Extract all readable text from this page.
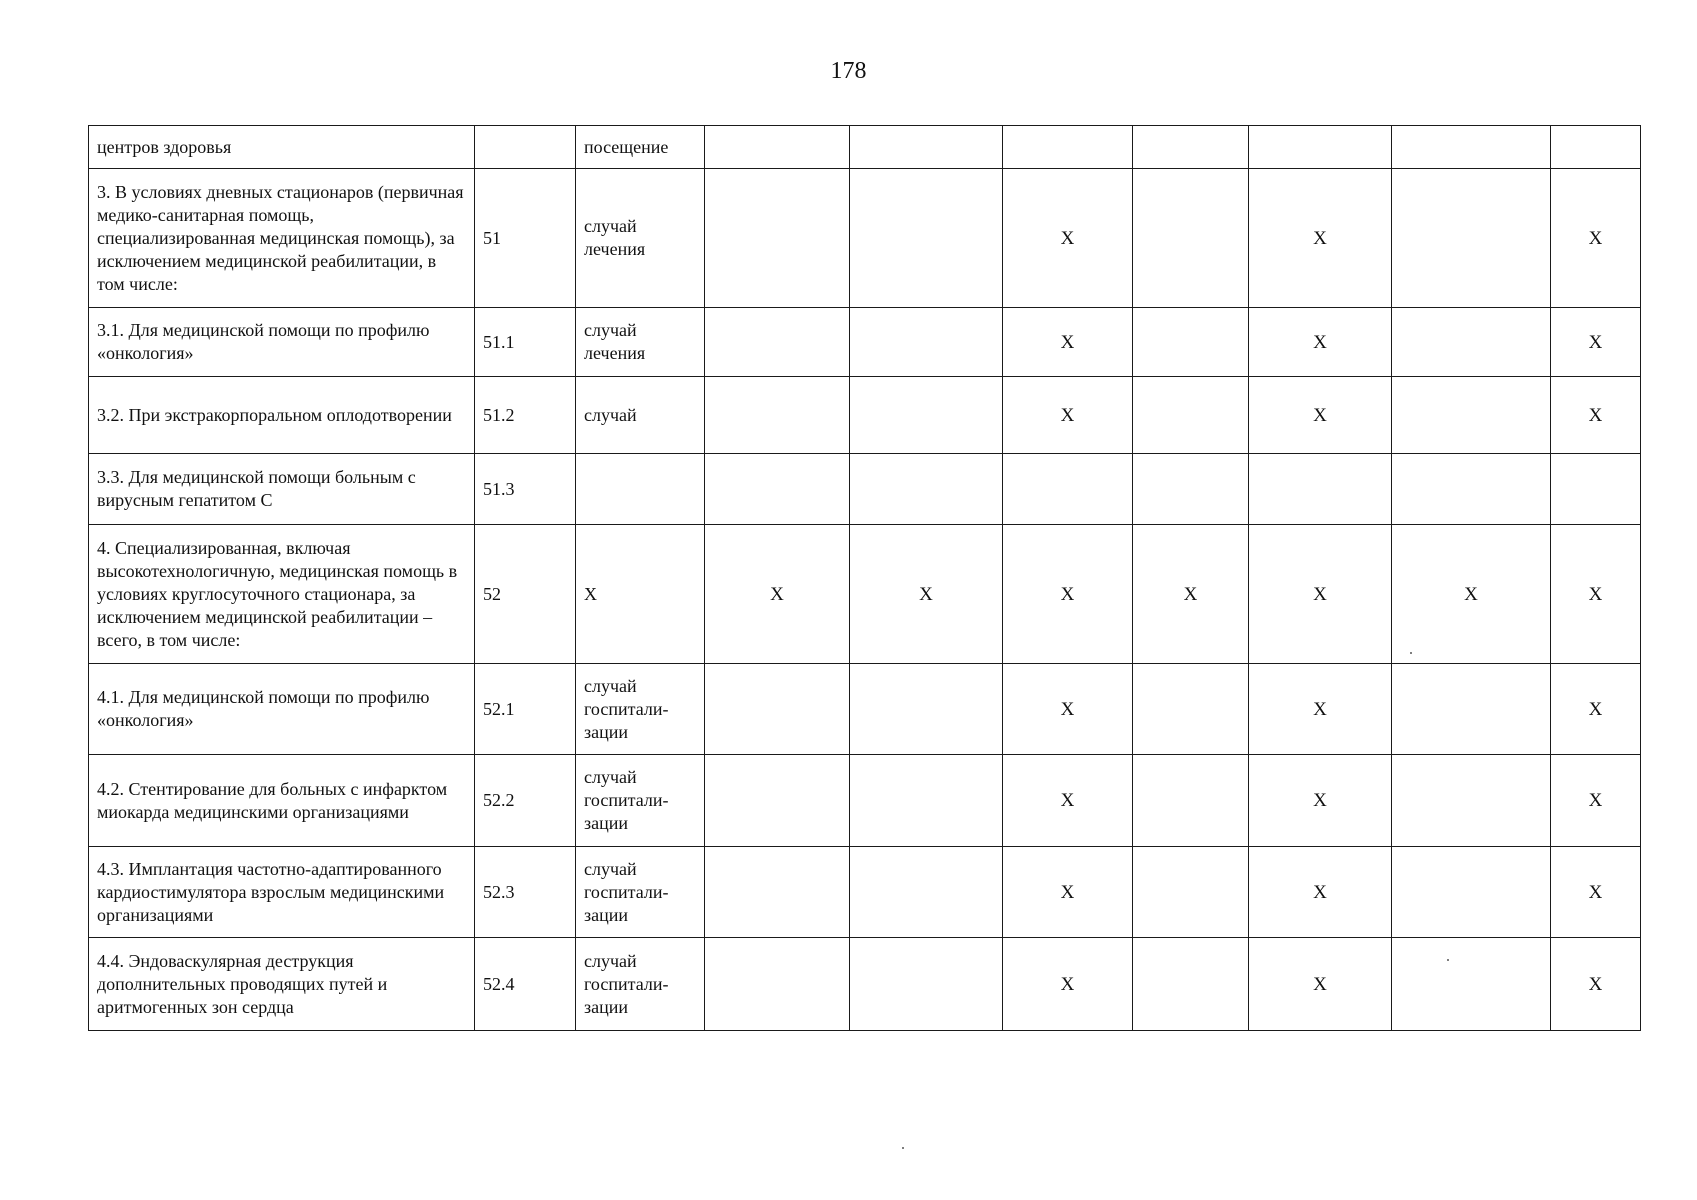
178
центров здоровья		посещение							
3. В условиях дневных стационаров (первичная медико-санитарная помощь, специализированная медицинская помощь), за исключением медицинской реабилитации, в том числе:	51	случай лечения			X		X		X
3.1. Для медицинской помощи по профилю «онкология»	51.1	случай лечения			X		X		X
3.2. При экстракорпоральном оплодотворении	51.2	случай			X		X		X
3.3. Для медицинской помощи больным с вирусным гепатитом С	51.3								
4. Специализированная, включая высокотехнологичную, медицинская помощь в условиях круглосуточного стационара, за исключением медицинской реабилитации – всего, в том числе:	52	X	X	X	X	X	X	X	X
4.1. Для медицинской помощи по профилю «онкология»	52.1	случай госпитали-зации			X		X		X
4.2. Стентирование для больных с инфарктом миокарда медицинскими организациями	52.2	случай госпитали-зации			X		X		X
4.3. Имплантация частотно-адаптированного кардиостимулятора взрослым медицинскими организациями	52.3	случай госпитали-зации			X		X		X
4.4. Эндоваскулярная деструкция дополнительных проводящих путей и аритмогенных зон сердца	52.4	случай госпитали-зации			X		X		X
